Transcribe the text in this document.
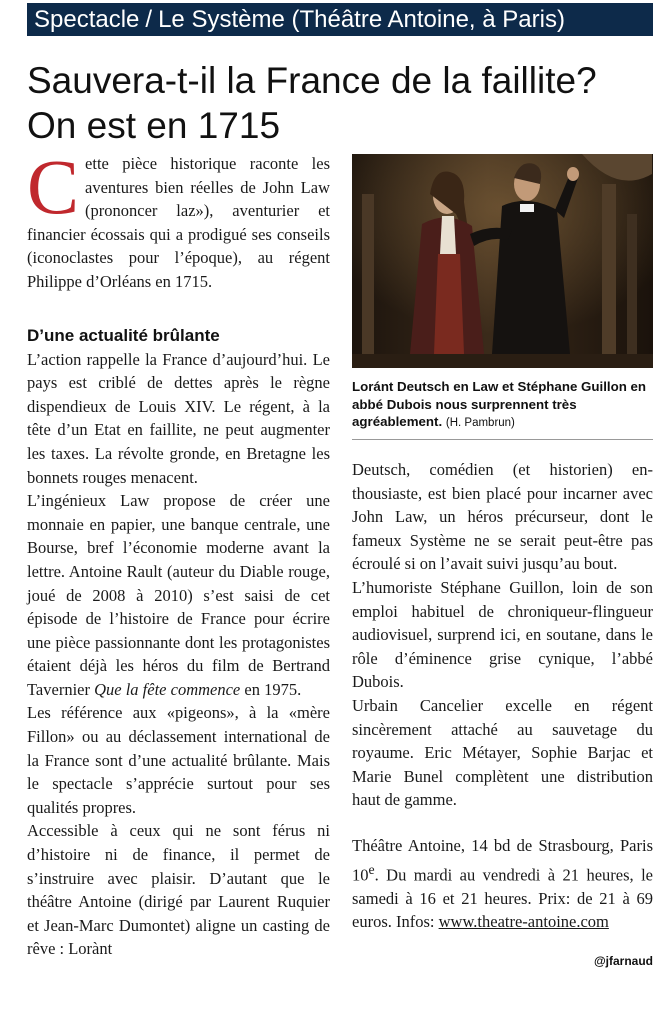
Spectacle / Le Système (Théâtre Antoine, à Paris)
Sauvera-t-il la France de la faillite? On est en 1715

Cette pièce historique raconte les aventures bien réelles de John Law (prononcer laz»), aventurier et financier écossais qui a prodigué ses conseils (iconoclastes pour l’époque), au régent Philippe d’Orléans en 1715.

D’une actualité brûlante

L’action rappelle la France d’aujourd’hui. Le pays est criblé de dettes après le règne dispendieux de Louis XIV. Le régent, à la tête d’un Etat en faillite, ne peut augmenter les taxes. La révolte gronde, en Bretagne les bonnets rouges menacent.

L’ingénieux Law propose de créer une monnaie en papier, une banque centrale, une Bourse, bref l’économie moderne avant la lettre. Antoine Rault (auteur du Diable rouge, joué de 2008 à 2010) s’est saisi de cet épisode de l’histoire de France pour écrire une pièce passionnante dont les protagonistes étaient déjà les héros du film de Bertrand Tavernier Que la fête commence en 1975.

Les référence aux «pigeons», à la «mère Fillon» ou au déclassement international de la France sont d’une actualité brûlante. Mais le spectacle s’apprécie surtout pour ses qualités propres.

Accessible à ceux qui ne sont férus ni d’histoire ni de finance, il permet de s’instruire avec plaisir. D’autant que le théâtre Antoine (dirigé par Laurent Ruquier et Jean-Marc Dumontet) aligne un casting de rêve : Lorànt

Loránt Deutsch en Law et Stéphane Guillon en abbé Dubois nous surprennent très agréablement. (H. Pambrun)

Deutsch, comédien (et historien) enthousiaste, est bien placé pour incarner avec John Law, un héros précurseur, dont le fameux Système ne se serait peut-être pas écroulé si on l’avait suivi jusqu’au bout.

L’humoriste Stéphane Guillon, loin de son emploi habituel de chroniqueur-flingueur audiovisuel, surprend ici, en soutane, dans le rôle d’éminence grise cynique, l’abbé Dubois.

Urbain Cancelier excelle en régent sincèrement attaché au sauvetage du royaume. Eric Métayer, Sophie Barjac et Marie Bunel complètent une distribution haut de gamme.

Théâtre Antoine, 14 bd de Strasbourg, Paris 10e. Du mardi au vendredi à 21 heures, le samedi à 16 et 21 heures. Prix: de 21 à 69 euros. Infos: www.theatre-antoine.com

@jfarnaud
